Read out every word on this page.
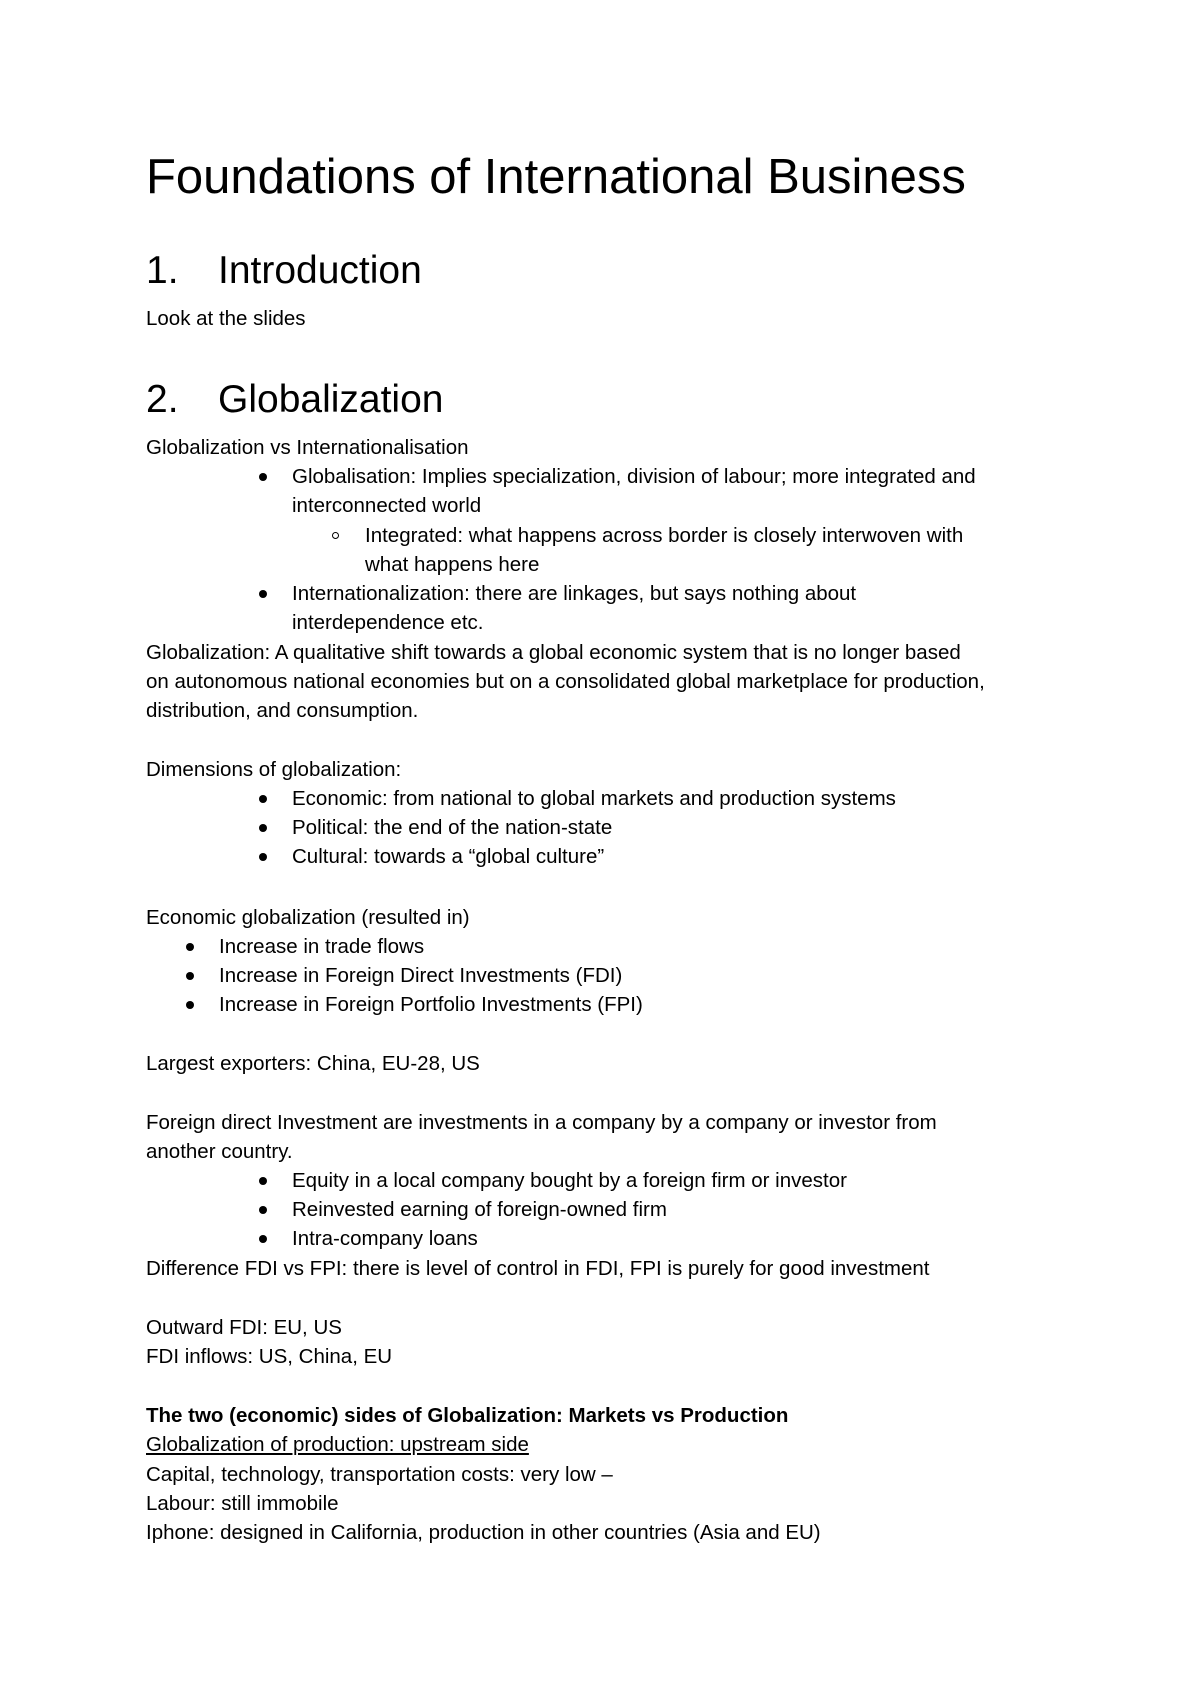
Foundations of International Business
1. Introduction
Look at the slides
2. Globalization
Globalization vs Internationalisation
Globalisation: Implies specialization, division of labour; more integrated and
interconnected world
Integrated: what happens across border is closely interwoven with
what happens here
Internationalization: there are linkages, but says nothing about
interdependence etc.
Globalization: A qualitative shift towards a global economic system that is no longer based
on autonomous national economies but on a consolidated global marketplace for production,
distribution, and consumption.
Dimensions of globalization:
Economic: from national to global markets and production systems
Political: the end of the nation-state
Cultural: towards a “global culture”
Economic globalization (resulted in)
Increase in trade flows
Increase in Foreign Direct Investments (FDI)
Increase in Foreign Portfolio Investments (FPI)
Largest exporters: China, EU-28, US
Foreign direct Investment are investments in a company by a company or investor from
another country.
Equity in a local company bought by a foreign firm or investor
Reinvested earning of foreign-owned firm
Intra-company loans
Difference FDI vs FPI: there is level of control in FDI, FPI is purely for good investment
Outward FDI: EU, US
FDI inflows: US, China, EU
The two (economic) sides of Globalization: Markets vs Production
Globalization of production: upstream side
Capital, technology, transportation costs: very low –
Labour: still immobile
Iphone: designed in California, production in other countries (Asia and EU)
